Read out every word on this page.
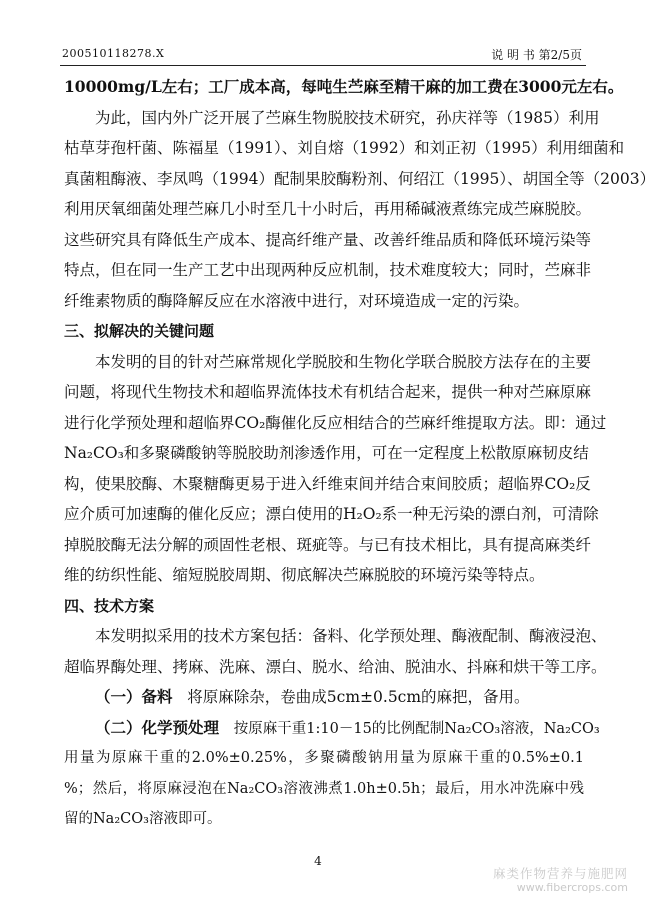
200510118278.X	说 明 书 第2/5页
10000mg/L左右；工厂成本高，每吨生苎麻至精干麻的加工费在3000元左右。
为此，国内外广泛开展了苎麻生物脱胶技术研究，孙庆祥等（1985）利用
枯草芽孢杆菌、陈福星（1991）、刘自熔（1992）和刘正初（1995）利用细菌和
真菌粗酶液、李凤鸣（1994）配制果胶酶粉剂、何绍江（1995）、胡国全等（2003）
利用厌氧细菌处理苎麻几小时至几十小时后，再用稀碱液煮练完成苎麻脱胶。
这些研究具有降低生产成本、提高纤维产量、改善纤维品质和降低环境污染等
特点，但在同一生产工艺中出现两种反应机制，技术难度较大；同时，苎麻非
纤维素物质的酶降解反应在水溶液中进行，对环境造成一定的污染。
三、拟解决的关键问题
本发明的目的针对苎麻常规化学脱胶和生物化学联合脱胶方法存在的主要
问题，将现代生物技术和超临界流体技术有机结合起来，提供一种对苎麻原麻
进行化学预处理和超临界CO₂酶催化反应相结合的苎麻纤维提取方法。即：通过
Na₂CO₃和多聚磷酸钠等脱胶助剂渗透作用，可在一定程度上松散原麻韧皮结
构，使果胶酶、木聚糖酶更易于进入纤维束间并结合束间胶质；超临界CO₂反
应介质可加速酶的催化反应；漂白使用的H₂O₂系一种无污染的漂白剂，可清除
掉脱胶酶无法分解的顽固性老根、斑疵等。与已有技术相比，具有提高麻类纤
维的纺织性能、缩短脱胶周期、彻底解决苎麻脱胶的环境污染等特点。
四、技术方案
本发明拟采用的技术方案包括：备料、化学预处理、酶液配制、酶液浸泡、
超临界酶处理、拷麻、洗麻、漂白、脱水、给油、脱油水、抖麻和烘干等工序。
（一）备料 将原麻除杂，卷曲成5cm±0.5cm的麻把，备用。
（二）化学预处理 按原麻干重1:10－15的比例配制Na₂CO₃溶液，Na₂CO₃
用量为原麻干重的2.0%±0.25%，多聚磷酸钠用量为原麻干重的0.5%±0.1
%；然后，将原麻浸泡在Na₂CO₃溶液沸煮1.0h±0.5h；最后，用水冲洗麻中残
留的Na₂CO₃溶液即可。
4
麻类作物营养与施肥网
www.fibercrops.com
